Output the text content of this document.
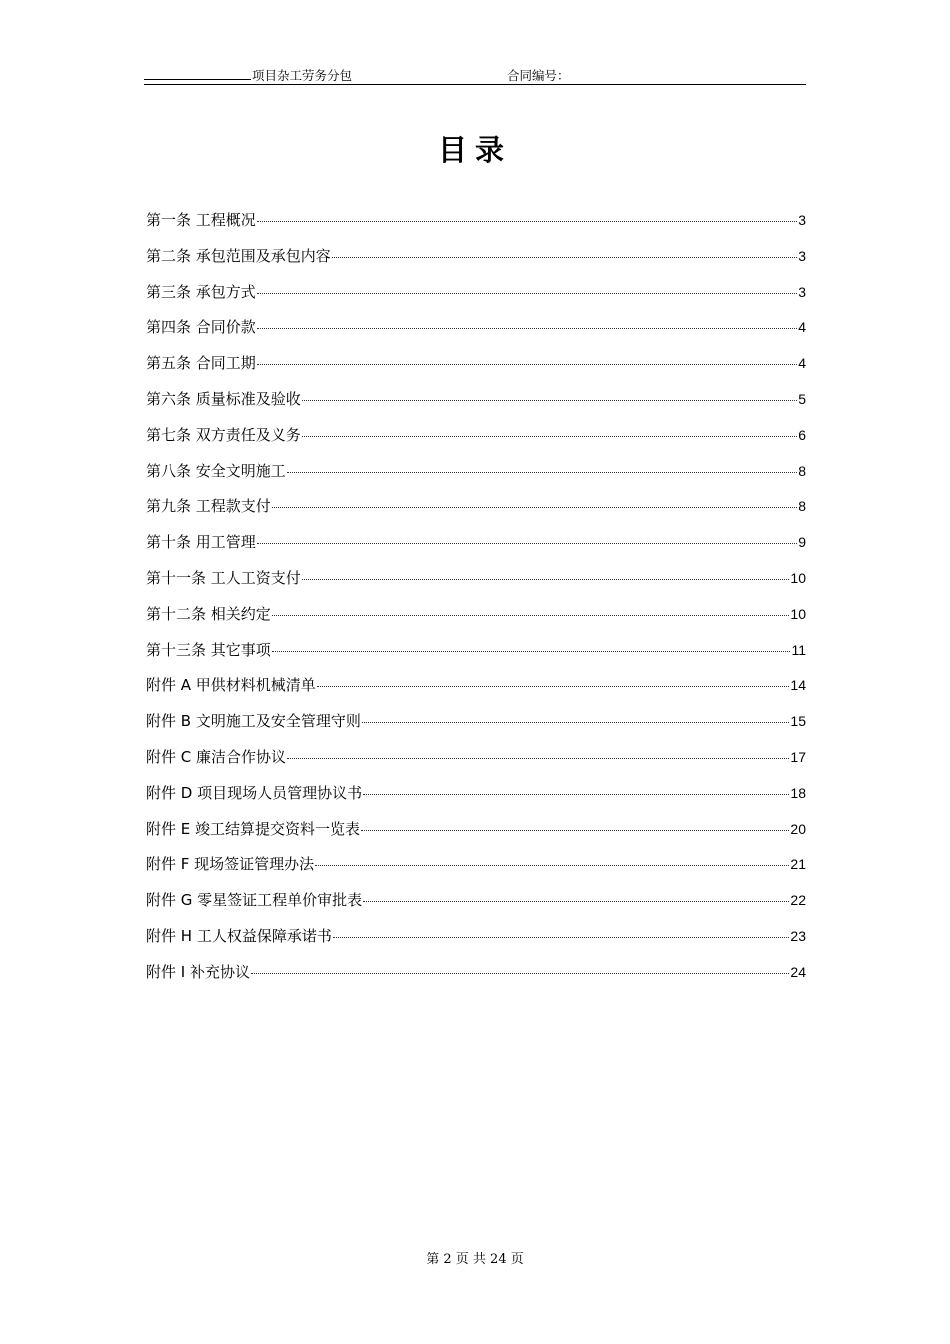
项目杂工劳务分包	合同编号：
目录
第一条 工程概况	3
第二条 承包范围及承包内容	3
第三条 承包方式	3
第四条 合同价款	4
第五条 合同工期	4
第六条 质量标准及验收	5
第七条 双方责任及义务	6
第八条 安全文明施工	8
第九条 工程款支付	8
第十条 用工管理	9
第十一条 工人工资支付	10
第十二条 相关约定	10
第十三条 其它事项	11
附件 A 甲供材料机械清单	14
附件 B 文明施工及安全管理守则	15
附件 C 廉洁合作协议	17
附件 D 项目现场人员管理协议书	18
附件 E 竣工结算提交资料一览表	20
附件 F 现场签证管理办法	21
附件 G 零星签证工程单价审批表	22
附件 H 工人权益保障承诺书	23
附件 I 补充协议	24
第 2 页 共 24 页
